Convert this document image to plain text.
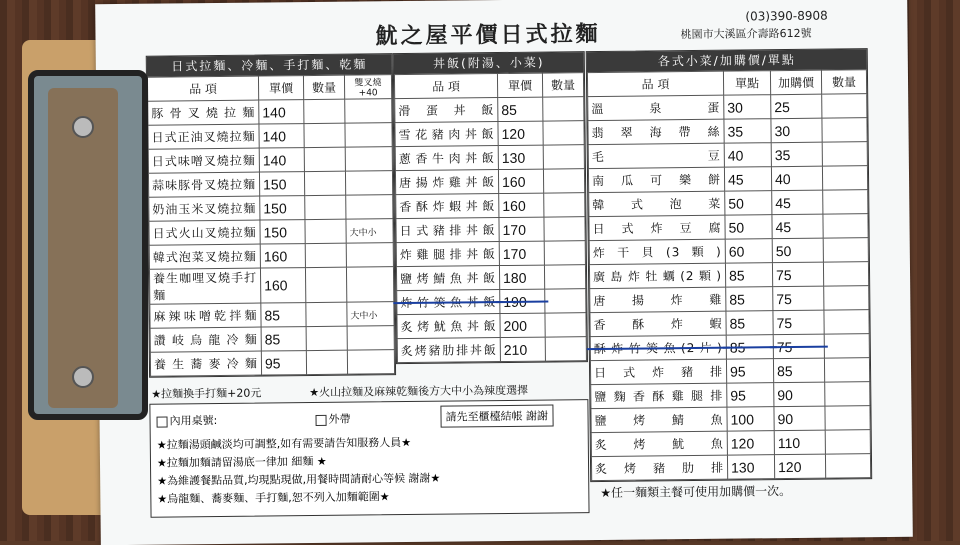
魷之屋平價日式拉麵
(03)390-8908
桃園市大溪區介壽路612號
日式拉麵、冷麵、手打麵、乾麵
品 項	單價	數量	雙叉燒 +40
豚骨叉燒拉麵	140		
日式正油叉燒拉麵	140		
日式味噌叉燒拉麵	140		
蒜味豚骨叉燒拉麵	150		
奶油玉米叉燒拉麵	150		
日式火山叉燒拉麵	150		大中小
韓式泡菜叉燒拉麵	160		
養生咖哩叉燒手打麵	160		
麻辣味噌乾拌麵	85		大中小
讚岐烏龍冷麵	85		
養生蕎麥冷麵	95		
★拉麵換手打麵+20元
丼飯(附湯、小菜)
品 項	單價	數量
滑蛋丼飯	85	
雪花豬肉丼飯	120	
蔥香牛肉丼飯	130	
唐揚炸雞丼飯	160	
香酥炸蝦丼飯	160	
日式豬排丼飯	170	
炸雞腿排丼飯	170	
鹽烤鯖魚丼飯	180	
炸竹筴魚丼飯	190	
炙烤魷魚丼飯	200	
炙烤豬肋排丼飯	210	
★火山拉麵及麻辣乾麵後方大中小為辣度選擇
各式小菜/加購價/單點
品 項	單點	加購價	數量
溫泉蛋	30	25	
翡翠海帶絲	35	30	
毛豆	40	35	
南瓜可樂餅	45	40	
韓式泡菜	50	45	
日式炸豆腐	50	45	
炸干貝(3顆)	60	50	
廣島炸牡蠣(2顆)	85	75	
唐揚炸雞	85	75	
香酥炸蝦	85	75	
酥炸竹筴魚(2片)	85	75	
日式炸豬排	95	85	
鹽麴香酥雞腿排	95	90	
鹽烤鯖魚	100	90	
炙烤魷魚	120	110	
炙烤豬肋排	130	120	
內用桌號:	外帶	請先至櫃檯結帳 謝謝
★拉麵湯頭鹹淡均可調整,如有需要請告知服務人員★
★拉麵加麵請留湯底一律加 細麵 ★
★為維護餐點品質,均現點現做,用餐時間請耐心等候 謝謝★
★烏龍麵、蕎麥麵、手打麵,恕不列入加麵範圍★	★任一麵類主餐可使用加購價一次。
